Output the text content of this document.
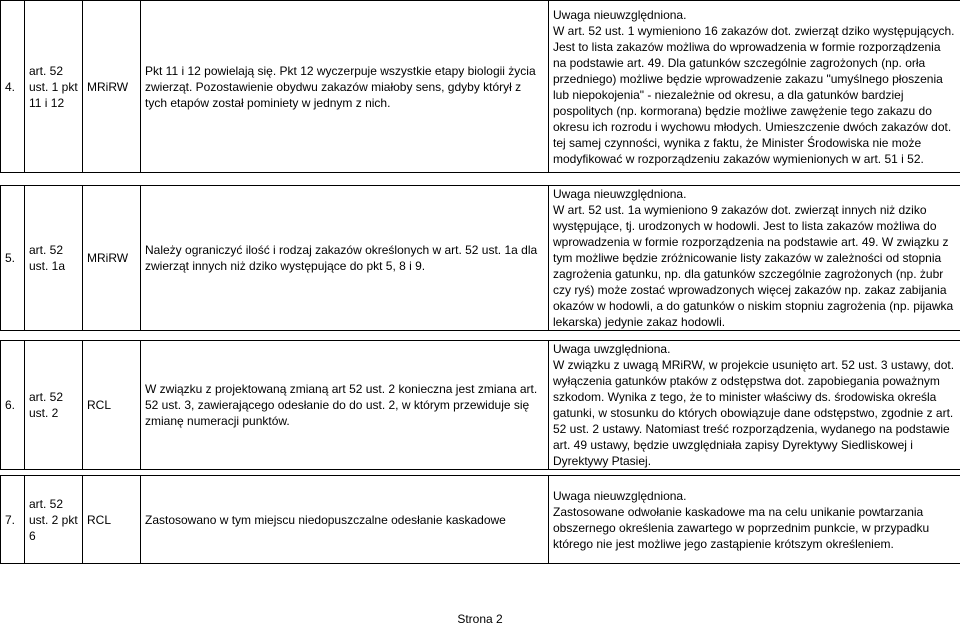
4.	art. 52 ust. 1 pkt 11 i 12	MRiRW	Pkt 11 i 12 powielają się. Pkt 12 wyczerpuje wszystkie etapy biologii życia zwierząt. Pozostawienie obydwu zakazów miałoby sens, gdyby którył z tych etapów został pominiety w jednym z nich.	Uwaga nieuwzględniona.
W art. 52 ust. 1 wymieniono 16 zakazów dot. zwierząt dziko występujących. Jest to lista zakazów możliwa do wprowadzenia w formie rozporządzenia na podstawie art. 49. Dla gatunków szczególnie zagrożonych (np. orła przedniego) możliwe będzie wprowadzenie zakazu "umyślnego płoszenia lub niepokojenia" - niezależnie od okresu, a dla gatunków bardziej pospolitych (np. kormorana) będzie możliwe zawężenie tego zakazu do okresu ich rozrodu i wychowu młodych. Umieszczenie dwóch zakazów dot. tej samej czynności, wynika z faktu, że Minister Środowiska nie może modyfikować w rozporządzeniu zakazów wymienionych w art. 51 i 52.

5.	art. 52 ust. 1a	MRiRW	Należy ograniczyć ilość i rodzaj zakazów określonych w art. 52 ust. 1a dla zwierząt innych niż dziko występujące do pkt 5, 8 i 9.	Uwaga nieuwzględniona.
W art. 52 ust. 1a wymieniono 9 zakazów dot. zwierząt innych niż dziko występujące, tj. urodzonych w hodowli. Jest to lista zakazów możliwa do wprowadzenia w formie rozporządzenia na podstawie art. 49. W związku z tym możliwe będzie zróżnicowanie listy zakazów w zależności od stopnia zagrożenia gatunku, np. dla gatunków szczególnie zagrożonych (np. żubr czy ryś) może zostać wprowadzonych więcej zakazów np. zakaz zabijania okazów w hodowli, a do gatunków o niskim stopniu zagrożenia (np. pijawka lekarska) jedynie zakaz hodowli.

6.	art. 52 ust. 2	RCL	W związku z projektowaną zmianą art 52 ust. 2 konieczna jest zmiana art. 52 ust. 3, zawierającego odesłanie do do ust. 2, w którym przewiduje się zmianę numeracji punktów.	Uwaga uwzględniona.
W związku z uwagą MRiRW, w projekcie usunięto art. 52 ust. 3 ustawy, dot. wyłączenia gatunków ptaków z odstępstwa dot. zapobiegania poważnym szkodom. Wynika z tego, że to minister właściwy ds. środowiska określa gatunki, w stosunku do których obowiązuje dane odstępstwo, zgodnie z art. 52 ust. 2 ustawy. Natomiast treść rozporządzenia, wydanego na podstawie art. 49 ustawy, będzie uwzględniała zapisy Dyrektywy Siedliskowej i Dyrektywy Ptasiej.

7.	art. 52 ust. 2 pkt 6	RCL	Zastosowano w tym miejscu niedopuszczalne odesłanie kaskadowe	Uwaga nieuwzględniona.
Zastosowane odwołanie kaskadowe ma na celu unikanie powtarzania obszernego określenia zawartego w poprzednim punkcie, w przypadku którego nie jest możliwe jego zastąpienie krótszym określeniem.
Strona 2
